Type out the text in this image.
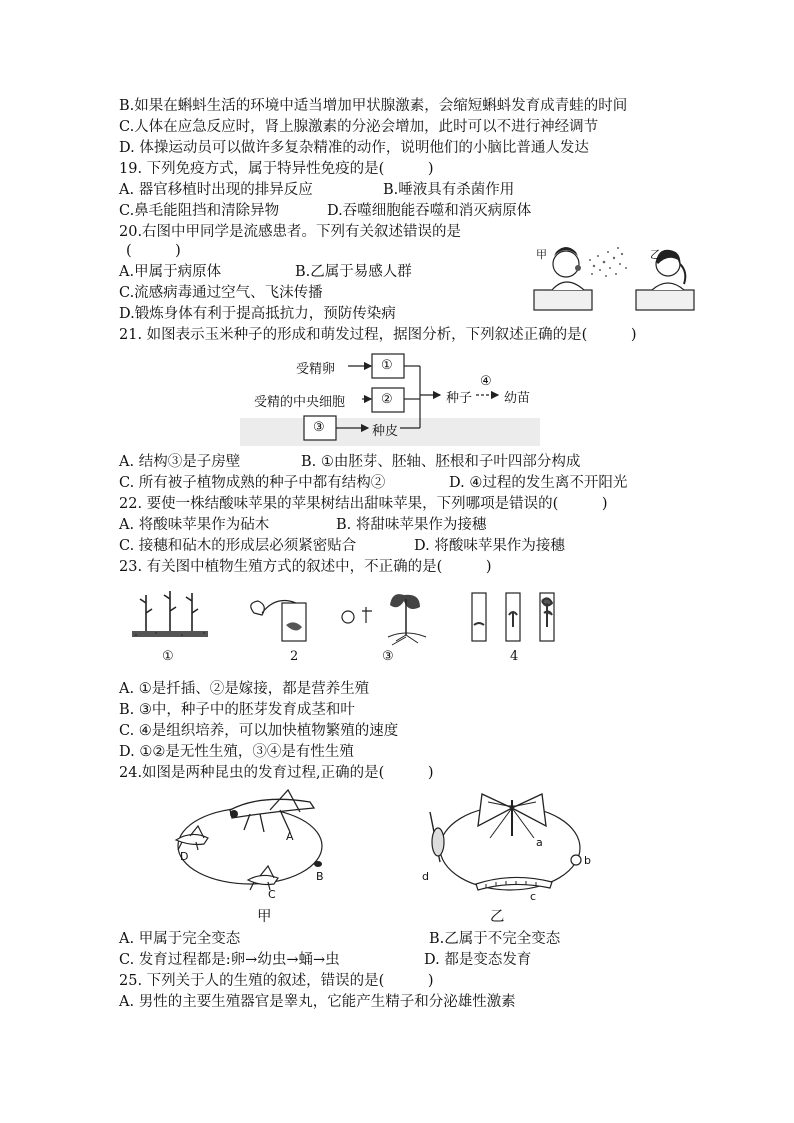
B.如果在蝌蚪生活的环境中适当增加甲状腺激素，会缩短蝌蚪发育成青蛙的时间
C.人体在应急反应时，肾上腺激素的分泌会增加，此时可以不进行神经调节
D. 体操运动员可以做许多复杂精准的动作，说明他们的小脑比普通人发达
19. 下列免疫方式，属于特异性免疫的是(　　　)
A. 器官移植时出现的排异反应	B.唾液具有杀菌作用
C.鼻毛能阻挡和清除异物	D.吞噬细胞能吞噬和消灭病原体
20.右图中甲同学是流感患者。下列有关叙述错误的是
(　　　)
A.甲属于病原体	B.乙属于易感人群
C.流感病毒通过空气、飞沫传播
D.锻炼身体有利于提高抵抗力，预防传染病
甲	乙
21. 如图表示玉米种子的形成和萌发过程，据图分析，下列叙述正确的是(　　　)
受精卵
受精的中央细胞
①
②
③
种子
④
幼苗
种皮
A. 结构③是子房壁	B. ①由胚芽、胚轴、胚根和子叶四部分构成
C. 所有被子植物成熟的种子中都有结构②	D. ④过程的发生离不开阳光
22. 要使一株结酸味苹果的苹果树结出甜味苹果，下列哪项是错误的(　　　)
A. 将酸味苹果作为砧木	B. 将甜味苹果作为接穗
C. 接穗和砧木的形成层必须紧密贴合	D. 将酸味苹果作为接穗
23. 有关图中植物生殖方式的叙述中，不正确的是(　　　)
①	2	③	4
A. ①是扦插、②是嫁接，都是营养生殖
B. ③中，种子中的胚芽发育成茎和叶
C. ④是组织培养，可以加快植物繁殖的速度
D. ①②是无性生殖，③④是有性生殖
24.如图是两种昆虫的发育过程,正确的是(　　　)
A
B
C
D
a
b
c
d
甲	乙
A. 甲属于完全变态	B.乙属于不完全变态
C. 发育过程都是:卵→幼虫→蛹→虫	D. 都是变态发育
25. 下列关于人的生殖的叙述，错误的是(　　　)
A. 男性的主要生殖器官是睾丸，它能产生精子和分泌雄性激素
